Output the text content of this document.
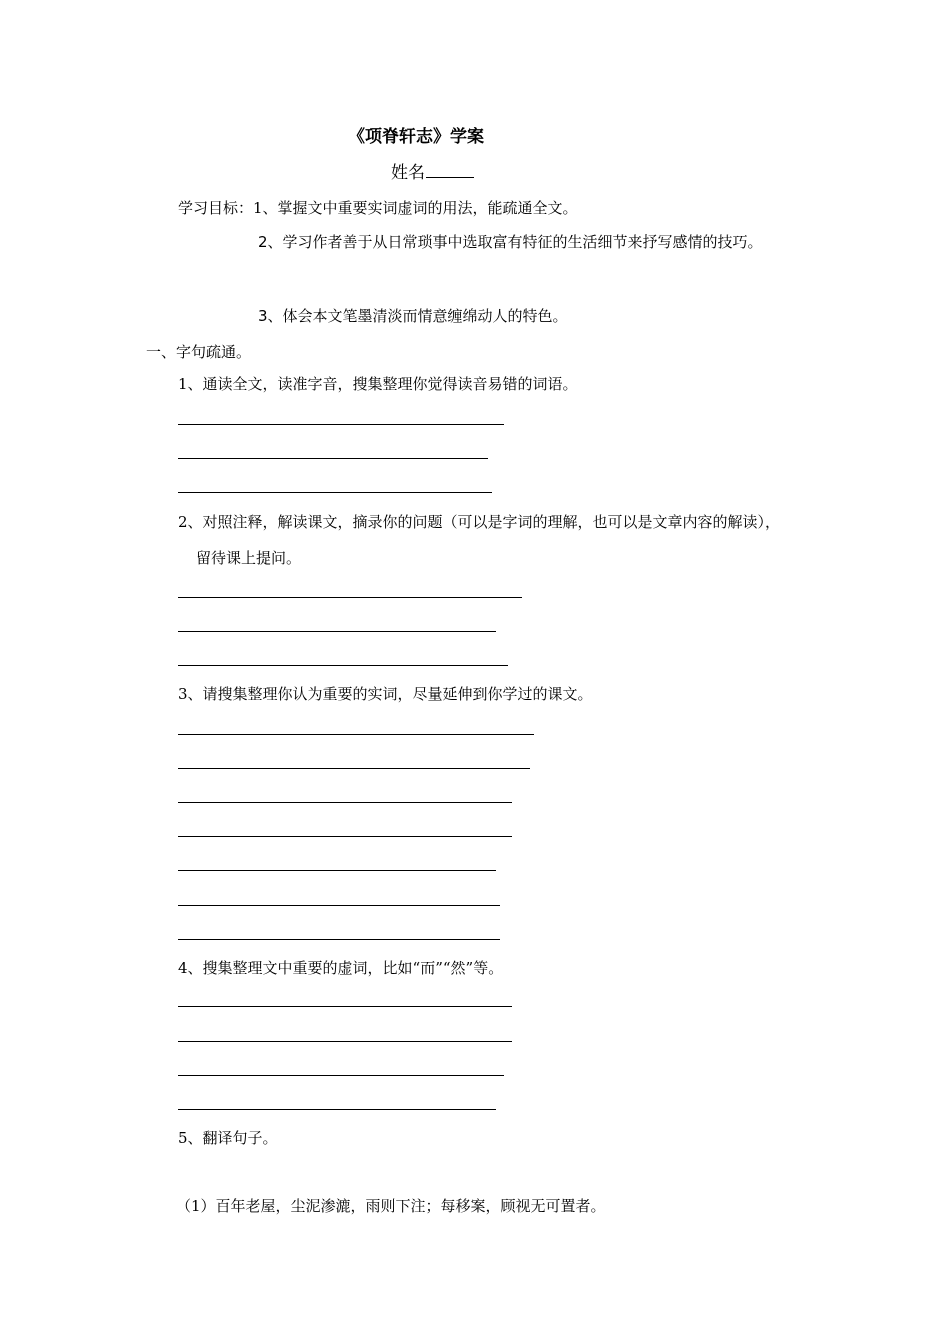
《项脊轩志》学案
姓名
学习目标：1、掌握文中重要实词虚词的用法，能疏通全文。
2、学习作者善于从日常琐事中选取富有特征的生活细节来抒写感情的技巧。
3、体会本文笔墨清淡而情意缠绵动人的特色。
一、字句疏通。
1、通读全文，读准字音，搜集整理你觉得读音易错的词语。
2、对照注释，解读课文，摘录你的问题（可以是字词的理解，也可以是文章内容的解读），
留待课上提问。
3、请搜集整理你认为重要的实词，尽量延伸到你学过的课文。
4、搜集整理文中重要的虚词，比如“而”“然”等。
5、翻译句子。
（1）百年老屋，尘泥渗漉，雨则下注；每移案，顾视无可置者。
